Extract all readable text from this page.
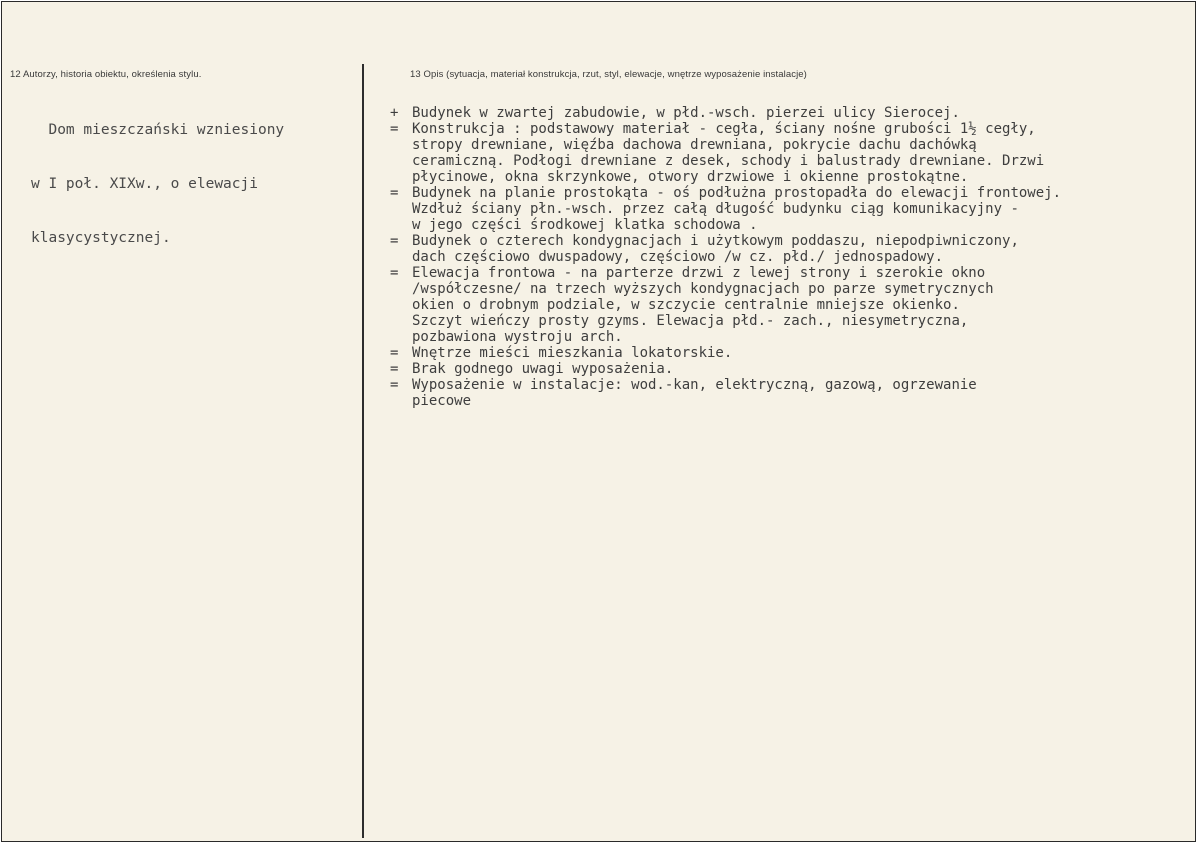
12 Autorzy, historia obiektu, określenia stylu.

Dom mieszczański wzniesiony

w I poł. XIXw., o elewacji

klasycystycznej.

13 Opis (sytuacja, materiał konstrukcja, rzut, styl, elewacje, wnętrze wyposażenie instalacje)
+ Budynek w zwartej zabudowie, w płd.-wsch. pierzei ulicy Sierocej.
= Konstrukcja : podstawowy materiał - cegła, ściany nośne grubości 1½ cegły,
stropy drewniane, więźba dachowa drewniana, pokrycie dachu dachówką
ceramiczną. Podłogi drewniane z desek, schody i balustrady drewniane. Drzwi
płycinowe, okna skrzynkowe, otwory drzwiowe i okienne prostokątne.
= Budynek na planie prostokąta - oś podłużna prostopadła do elewacji frontowej.
Wzdłuż ściany płn.-wsch. przez całą długość budynku ciąg komunikacyjny -
w jego części środkowej klatka schodowa .
= Budynek o czterech kondygnacjach i użytkowym poddaszu, niepodpiwniczony,
dach częściowo dwuspadowy, częściowo /w cz. płd./ jednospadowy.
= Elewacja frontowa - na parterze drzwi z lewej strony i szerokie okno
/współczesne/ na trzech wyższych kondygnacjach po parze symetrycznych
okien o drobnym podziale, w szczycie centralnie mniejsze okienko.
Szczyt wieńczy prosty gzyms. Elewacja płd.- zach., niesymetryczna,
pozbawiona wystroju arch.
= Wnętrze mieści mieszkania lokatorskie.
= Brak godnego uwagi wyposażenia.
= Wyposażenie w instalacje: wod.-kan, elektryczną, gazową, ogrzewanie
piecowe
